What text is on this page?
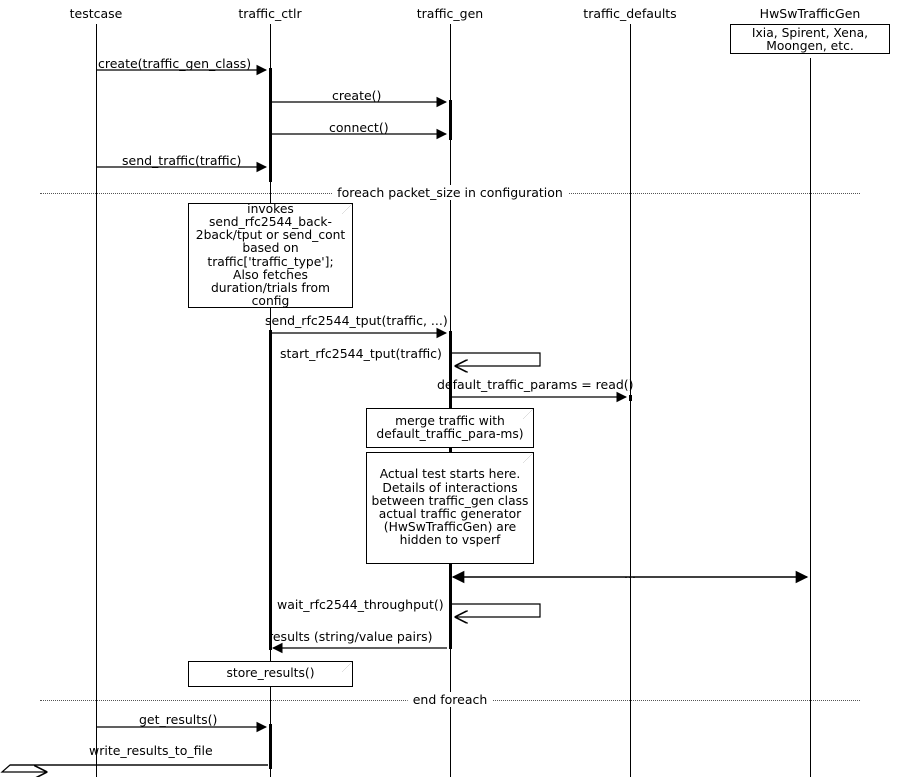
testcase	traffic_ctlr	traffic_gen	traffic_defaults	HwSwTrafficGen
Ixia, Spirent, Xena, Moongen, etc.
foreach packet_size in configuration
end foreach
create(traffic_gen_class)
create()
connect()
send_traffic(traffic)
send_rfc2544_tput(traffic, ...)
start_rfc2544_tput(traffic)
default_traffic_params = read()
wait_rfc2544_throughput()
results (string/value pairs)
get_results()
write_results_to_file
...
invokes send_rfc2544_back-2back/tput or send_cont based on traffic['traffic_type']; Also fetches duration/trials from config
merge traffic with default_traffic_para-ms)
Actual test starts here. Details of interactions between traffic_gen class actual traffic generator (HwSwTrafficGen) are hidden to vsperf
store_results()
